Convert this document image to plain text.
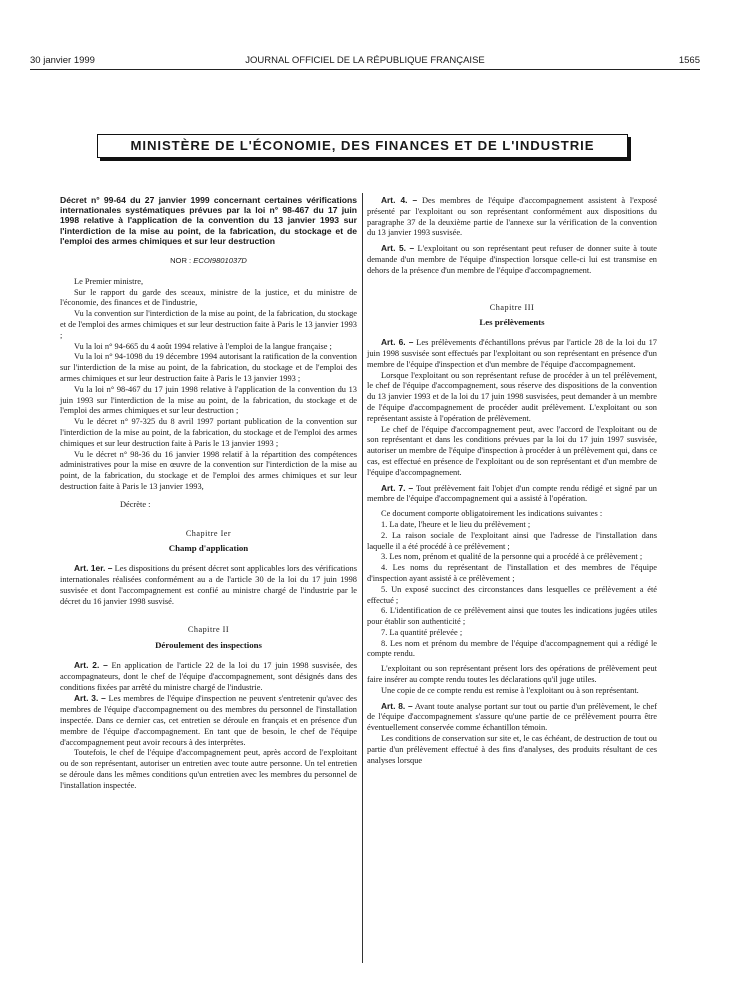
30 janvier 1999	JOURNAL OFFICIEL DE LA RÉPUBLIQUE FRANÇAISE	1565
MINISTÈRE DE L'ÉCONOMIE, DES FINANCES ET DE L'INDUSTRIE
Décret n° 99-64 du 27 janvier 1999 concernant certaines vérifications internationales systématiques prévues par la loi n° 98-467 du 17 juin 1998 relative à l'application de la convention du 13 janvier 1993 sur l'interdiction de la mise au point, de la fabrication, du stockage et de l'emploi des armes chimiques et sur leur destruction
NOR : ECOI9801037D

Le Premier ministre,

Sur le rapport du garde des sceaux, ministre de la justice, et du ministre de l'économie, des finances et de l'industrie,

Vu la convention sur l'interdiction de la mise au point, de la fabrication, du stockage et de l'emploi des armes chimiques et sur leur destruction faite à Paris le 13 janvier 1993 ;

Vu la loi n° 94-665 du 4 août 1994 relative à l'emploi de la langue française ;

Vu la loi n° 94-1098 du 19 décembre 1994 autorisant la ratification de la convention sur l'interdiction de la mise au point, de la fabrication, du stockage et de l'emploi des armes chimiques et sur leur destruction faite à Paris le 13 janvier 1993 ;

Vu la loi n° 98-467 du 17 juin 1998 relative à l'application de la convention du 13 juin 1993 sur l'interdiction de la mise au point, de la fabrication, du stockage et de l'emploi des armes chimiques et sur leur destruction ;

Vu le décret n° 97-325 du 8 avril 1997 portant publication de la convention sur l'interdiction de la mise au point, de la fabrication, du stockage et de l'emploi des armes chimiques et sur leur destruction faite à Paris le 13 janvier 1993 ;

Vu le décret n° 98-36 du 16 janvier 1998 relatif à la répartition des compétences administratives pour la mise en œuvre de la convention sur l'interdiction de la mise au point, de la fabrication, du stockage et de l'emploi des armes chimiques et sur leur destruction faite à Paris le 13 janvier 1993,

Décrète :

Chapitre Ier
Champ d'application

Art. 1er. – Les dispositions du présent décret sont applicables lors des vérifications internationales réalisées conformément au a de l'article 30 de la loi du 17 juin 1998 susvisée et dont l'accompagnement est confié au ministre chargé de l'industrie par le décret du 16 janvier 1998 susvisé.

Chapitre II
Déroulement des inspections

Art. 2. – En application de l'article 22 de la loi du 17 juin 1998 susvisée, des accompagnateurs, dont le chef de l'équipe d'accompagnement, sont désignés dans des conditions fixées par arrêté du ministre chargé de l'industrie.

Art. 3. – Les membres de l'équipe d'inspection ne peuvent s'entretenir qu'avec des membres de l'équipe d'accompagnement ou des membres du personnel de l'installation inspectée. Dans ce dernier cas, cet entretien se déroule en français et en présence d'un membre de l'équipe d'accompagnement. En tant que de besoin, le chef de l'équipe d'accompagnement peut avoir recours à des interprètes.

Toutefois, le chef de l'équipe d'accompagnement peut, après accord de l'exploitant ou de son représentant, autoriser un entretien avec toute autre personne. Un tel entretien se déroule dans les mêmes conditions qu'un entretien avec les membres du personnel de l'installation inspectée.

Art. 4. – Des membres de l'équipe d'accompagnement assistent à l'exposé présenté par l'exploitant ou son représentant conformément aux dispositions du paragraphe 37 de la deuxième partie de l'annexe sur la vérification de la convention du 13 janvier 1993 susvisée.

Art. 5. – L'exploitant ou son représentant peut refuser de donner suite à toute demande d'un membre de l'équipe d'inspection lorsque celle-ci lui est transmise en dehors de la présence d'un membre de l'équipe d'accompagnement.

Chapitre III
Les prélèvements

Art. 6. – Les prélèvements d'échantillons prévus par l'article 28 de la loi du 17 juin 1998 susvisée sont effectués par l'exploitant ou son représentant en présence d'un membre de l'équipe d'inspection et d'un membre de l'équipe d'accompagnement.

Lorsque l'exploitant ou son représentant refuse de procéder à un tel prélèvement, le chef de l'équipe d'accompagnement, sous réserve des dispositions de la convention du 13 janvier 1993 et de la loi du 17 juin 1998 susvisées, peut demander à un membre de l'équipe d'accompagnement de procéder audit prélèvement. L'exploitant ou son représentant assiste à l'opération de prélèvement.

Le chef de l'équipe d'accompagnement peut, avec l'accord de l'exploitant ou de son représentant et dans les conditions prévues par la loi du 17 juin 1997 susvisée, autoriser un membre de l'équipe d'inspection à procéder à un prélèvement qui, dans ce cas, est effectué en présence de l'exploitant ou de son représentant et d'un membre de l'équipe d'accompagnement.

Art. 7. – Tout prélèvement fait l'objet d'un compte rendu rédigé et signé par un membre de l'équipe d'accompagnement qui a assisté à l'opération.

Ce document comporte obligatoirement les indications suivantes :

1. La date, l'heure et le lieu du prélèvement ;

2. La raison sociale de l'exploitant ainsi que l'adresse de l'installation dans laquelle il a été procédé à ce prélèvement ;

3. Les nom, prénom et qualité de la personne qui a procédé à ce prélèvement ;

4. Les noms du représentant de l'installation et des membres de l'équipe d'inspection ayant assisté à ce prélèvement ;

5. Un exposé succinct des circonstances dans lesquelles ce prélèvement a été effectué ;

6. L'identification de ce prélèvement ainsi que toutes les indications jugées utiles pour établir son authenticité ;

7. La quantité prélevée ;

8. Les nom et prénom du membre de l'équipe d'accompagnement qui a rédigé le compte rendu.

L'exploitant ou son représentant présent lors des opérations de prélèvement peut faire insérer au compte rendu toutes les déclarations qu'il juge utiles.

Une copie de ce compte rendu est remise à l'exploitant ou à son représentant.

Art. 8. – Avant toute analyse portant sur tout ou partie d'un prélèvement, le chef de l'équipe d'accompagnement s'assure qu'une partie de ce prélèvement pourra être éventuellement conservée comme échantillon témoin.

Les conditions de conservation sur site et, le cas échéant, de destruction de tout ou partie d'un prélèvement effectué à des fins d'analyses, des produits résultant de ces analyses lorsque
